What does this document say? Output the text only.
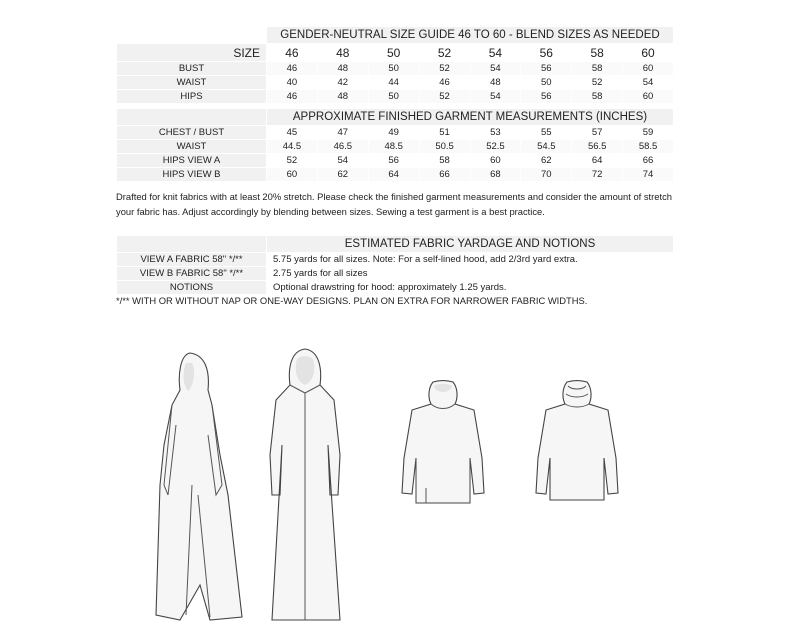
	GENDER-NEUTRAL SIZE GUIDE 46 TO 60 - BLEND SIZES AS NEEDED							
SIZE	46	48	50	52	54	56	58	60
BUST	46	48	50	52	54	56	58	60
WAIST	40	42	44	46	48	50	52	54
HIPS	46	48	50	52	54	56	58	60
	APPROXIMATE FINISHED GARMENT MEASUREMENTS (INCHES)							
CHEST / BUST	45	47	49	51	53	55	57	59
WAIST	44.5	46.5	48.5	50.5	52.5	54.5	56.5	58.5
HIPS VIEW A	52	54	56	58	60	62	64	66
HIPS VIEW B	60	62	64	66	68	70	72	74
Drafted for knit fabrics with at least 20% stretch. Please check the finished garment measurements and consider the amount of stretch your fabric has. Adjust accordingly by blending between sizes. Sewing a test garment is a best practice.
	ESTIMATED FABRIC YARDAGE AND NOTIONS
VIEW A FABRIC 58" */**	5.75 yards for all sizes. Note: For a self-lined hood, add 2/3rd yard extra.
VIEW B FABRIC 58" */**	2.75 yards for all sizes
NOTIONS	Optional drawstring for hood: approximately 1.25 yards.
*/** WITH OR WITHOUT NAP OR ONE-WAY DESIGNS. PLAN ON EXTRA FOR NARROWER FABRIC WIDTHS.
